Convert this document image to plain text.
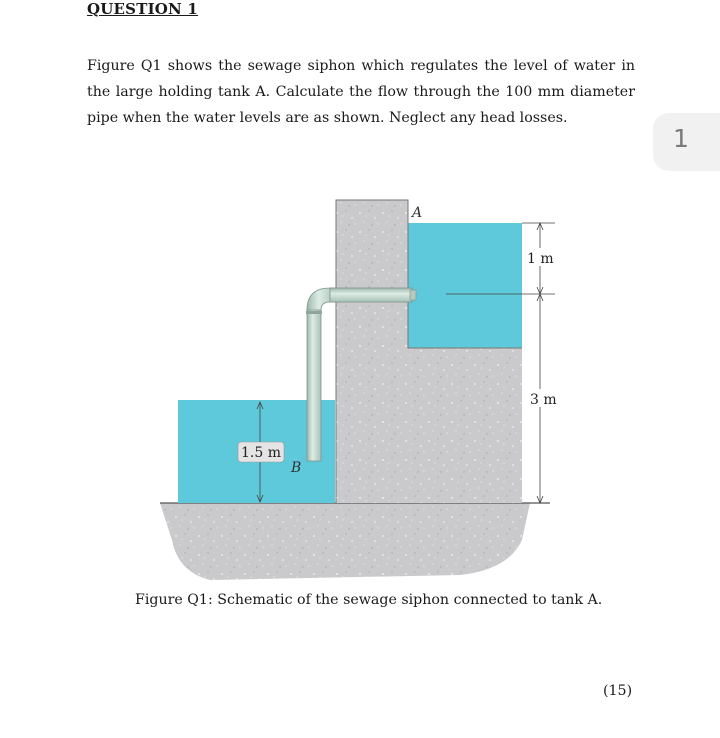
QUESTION 1
Figure Q1 shows the sewage siphon which regulates the level of water in the large holding tank A. Calculate the flow through the 100 mm diameter pipe when the water levels are as shown. Neglect any head losses.
1
A
B
1 m
3 m
1.5 m
Figure Q1: Schematic of the sewage siphon connected to tank A.
(15)
